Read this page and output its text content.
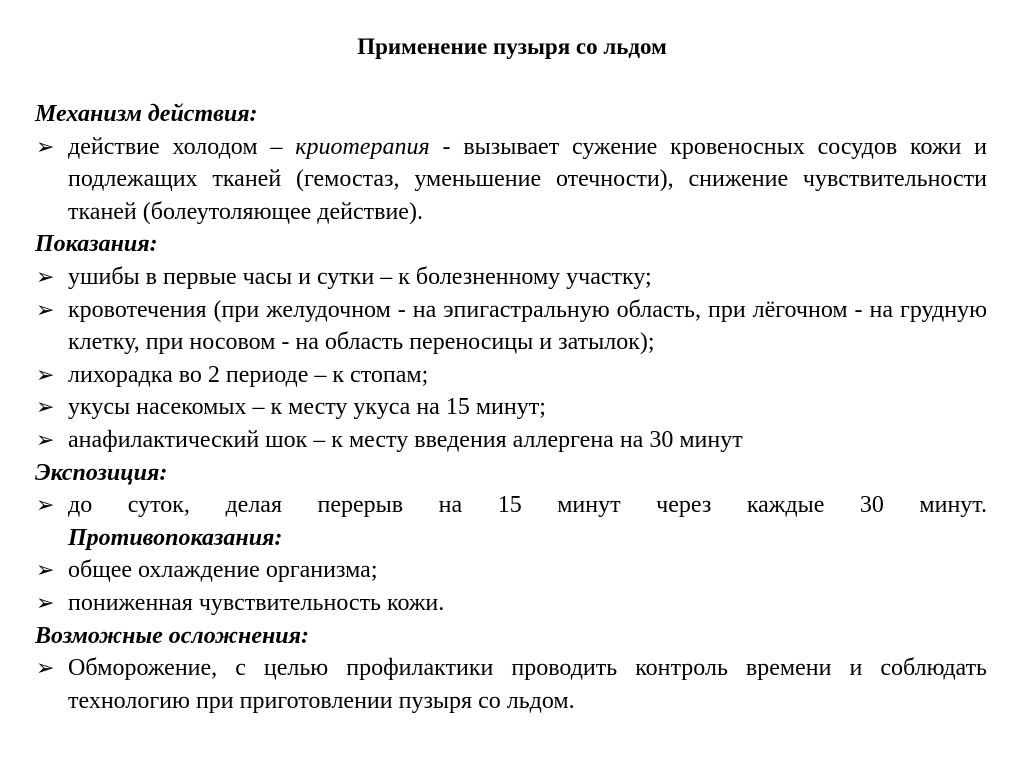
Применение пузыря со льдом
Механизм действия:
➢ действие холодом – криотерапия - вызывает сужение кровеносных сосудов кожи и подлежащих тканей (гемостаз, уменьшение отечности), снижение чувствительности тканей (болеутоляющее действие).
Показания:
➢ ушибы в первые часы и сутки – к болезненному участку;
➢ кровотечения (при желудочном - на эпигастральную область, при лёгочном - на грудную клетку, при носовом - на область переносицы и затылок);
➢ лихорадка во 2 периоде – к стопам;
➢ укусы насекомых – к месту укуса на 15 минут;
➢ анафилактический шок – к месту введения аллергена на 30 минут
Экспозиция:
➢ до суток, делая перерыв на 15 минут через каждые 30 минут.
Противопоказания:
➢ общее охлаждение организма;
➢ пониженная чувствительность кожи.
Возможные осложнения:
➢ Обморожение, с целью профилактики проводить контроль времени и соблюдать технологию при приготовлении пузыря со льдом.
